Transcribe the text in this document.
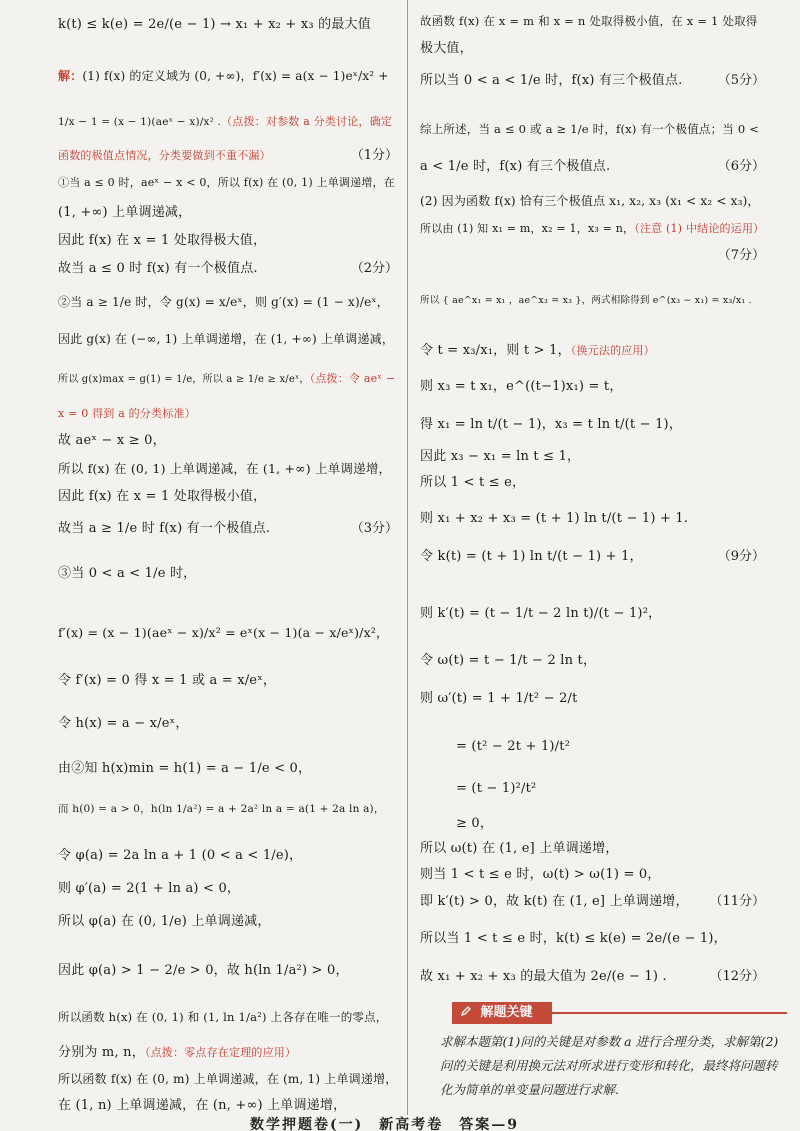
k(t) ≤ k(e) = 2e/(e − 1) → x₁ + x₂ + x₃ 的最大值
解：(1) f(x) 的定义域为 (0, +∞)，f′(x) = a(x − 1)eˣ/x² +
1/x − 1 = (x − 1)(aeˣ − x)/x² .（点拨：对参数 a 分类讨论，确定
函数的极值点情况，分类要做到不重不漏）	（1分）
①当 a ≤ 0 时，aeˣ − x < 0，所以 f(x) 在 (0, 1) 上单调递增，在
(1, +∞) 上单调递减，
因此 f(x) 在 x = 1 处取得极大值，
故当 a ≤ 0 时 f(x) 有一个极值点.	（2分）
②当 a ≥ 1/e 时，令 g(x) = x/eˣ，则 g′(x) = (1 − x)/eˣ，
因此 g(x) 在 (−∞, 1) 上单调递增，在 (1, +∞) 上单调递减，
所以 g(x)max = g(1) = 1/e，所以 a ≥ 1/e ≥ x/eˣ，（点拨：令 aeˣ −
x = 0 得到 a 的分类标准）
故 aeˣ − x ≥ 0，
所以 f(x) 在 (0, 1) 上单调递减，在 (1, +∞) 上单调递增，
因此 f(x) 在 x = 1 处取得极小值，
故当 a ≥ 1/e 时 f(x) 有一个极值点.	（3分）
③当 0 < a < 1/e 时，
f′(x) = (x − 1)(aeˣ − x)/x² = eˣ(x − 1)(a − x/eˣ)/x²，
令 f′(x) = 0 得 x = 1 或 a = x/eˣ，
令 h(x) = a − x/eˣ，
由②知 h(x)min = h(1) = a − 1/e < 0，
而 h(0) = a > 0，h(ln 1/a²) = a + 2a² ln a = a(1 + 2a ln a)，
令 φ(a) = 2a ln a + 1 (0 < a < 1/e)，
则 φ′(a) = 2(1 + ln a) < 0，
所以 φ(a) 在 (0, 1/e) 上单调递减，
因此 φ(a) > 1 − 2/e > 0，故 h(ln 1/a²) > 0，
所以函数 h(x) 在 (0, 1) 和 (1, ln 1/a²) 上各存在唯一的零点，
分别为 m, n，（点拨：零点存在定理的应用）
所以函数 f(x) 在 (0, m) 上单调递减，在 (m, 1) 上单调递增，
在 (1, n) 上单调递减，在 (n, +∞) 上单调递增，
故函数 f(x) 在 x = m 和 x = n 处取得极小值，在 x = 1 处取得
极大值，
所以当 0 < a < 1/e 时，f(x) 有三个极值点.	（5分）
综上所述，当 a ≤ 0 或 a ≥ 1/e 时，f(x) 有一个极值点；当 0 <
a < 1/e 时，f(x) 有三个极值点.	（6分）
(2) 因为函数 f(x) 恰有三个极值点 x₁, x₂, x₃ (x₁ < x₂ < x₃)，
所以由 (1) 知 x₁ = m，x₂ = 1，x₃ = n，（注意 (1) 中结论的运用）
（7分）
所以 { ae^x₁ = x₁ ，ae^x₃ = x₃ }，两式相除得到 e^(x₃ − x₁) = x₃/x₁ .
令 t = x₃/x₁，则 t > 1，（换元法的应用）
则 x₃ = t x₁，e^((t−1)x₁) = t，
得 x₁ = ln t/(t − 1)，x₃ = t ln t/(t − 1)，
因此 x₃ − x₁ = ln t ≤ 1，
所以 1 < t ≤ e，
则 x₁ + x₂ + x₃ = (t + 1) ln t/(t − 1) + 1.
令 k(t) = (t + 1) ln t/(t − 1) + 1，	（9分）
则 k′(t) = (t − 1/t − 2 ln t)/(t − 1)²，
令 ω(t) = t − 1/t − 2 ln t，
则 ω′(t) = 1 + 1/t² − 2/t
= (t² − 2t + 1)/t²
= (t − 1)²/t²
≥ 0，
所以 ω(t) 在 (1, e] 上单调递增，
则当 1 < t ≤ e 时，ω(t) > ω(1) = 0，
即 k′(t) > 0，故 k(t) 在 (1, e] 上单调递增， （11分）
所以当 1 < t ≤ e 时，k(t) ≤ k(e) = 2e/(e − 1)，
故 x₁ + x₂ + x₃ 的最大值为 2e/(e − 1) .	（12分）
解题关键
求解本题第(1)问的关键是对参数 a 进行合理分类，求解第(2)问的关键是利用换元法对所求进行变形和转化，最终将问题转化为简单的单变量问题进行求解.
数学押题卷(一)　新高考卷　答案—9
